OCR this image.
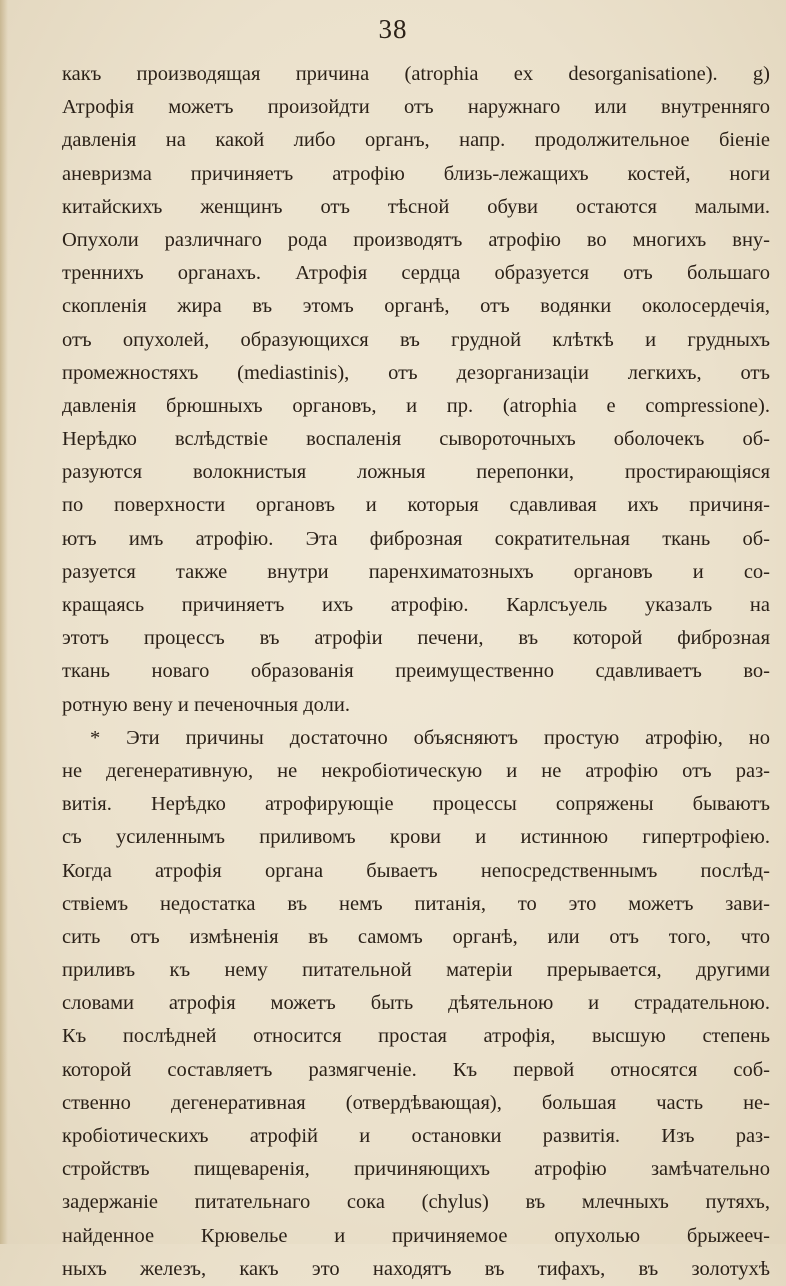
38
какъ производящая причина (atrophia ex desorganisatione). g)
Атрофія можетъ произойдти отъ наружнаго или внутренняго
давленія на какой либо органъ, напр. продолжительное біеніе
аневризма причиняетъ атрофію близь-лежащихъ костей, ноги
китайскихъ женщинъ отъ тѣсной обуви остаются малыми.
Опухоли различнаго рода производятъ атрофію во многихъ вну-
треннихъ органахъ. Атрофія сердца образуется отъ большаго
скопленія жира въ этомъ органѣ, отъ водянки околосердечія,
отъ опухолей, образующихся въ грудной клѣткѣ и грудныхъ
промежностяхъ (mediastinis), отъ дезорганизаціи легкихъ, отъ
давленія брюшныхъ органовъ, и пр. (atrophia e compressione).
Нерѣдко вслѣдствіе воспаленія сывороточныхъ оболочекъ об-
разуются волокнистыя ложныя перепонки, простирающіяся
по поверхности органовъ и которыя сдавливая ихъ причиня-
ютъ имъ атрофію. Эта фиброзная сократительная ткань об-
разуется также внутри паренхиматозныхъ органовъ и со-
кращаясь причиняетъ ихъ атрофію. Карлсъуель указалъ на
этотъ процессъ въ атрофіи печени, въ которой фиброзная
ткань новаго образованія преимущественно сдавливаетъ во-
ротную вену и печеночныя доли.
* Эти причины достаточно объясняютъ простую атрофію, но
не дегенеративную, не некробіотическую и не атрофію отъ раз-
витія. Нерѣдко атрофирующіе процессы сопряжены бываютъ
съ усиленнымъ приливомъ крови и истинною гипертрофіею.
Когда атрофія органа бываетъ непосредственнымъ послѣд-
ствіемъ недостатка въ немъ питанія, то это можетъ зави-
сить отъ измѣненія въ самомъ органѣ, или отъ того, что
приливъ къ нему питательной матеріи прерывается, другими
словами атрофія можетъ быть дѣятельною и страдательною.
Къ послѣдней относится простая атрофія, высшую степень
которой составляетъ размягченіе. Къ первой относятся соб-
ственно дегенеративная (отвердѣвающая), большая часть не-
кробіотическихъ атрофій и остановки развитія. Изъ раз-
стройствъ пищеваренія, причиняющихъ атрофію замѣчательно
задержаніе питательнаго сока (chylus) въ млечныхъ путяхъ,
найденное Крювелье и причиняемое опухолью брыжееч-
ныхъ железъ, какъ это находятъ въ тифахъ, въ золотухѣ
